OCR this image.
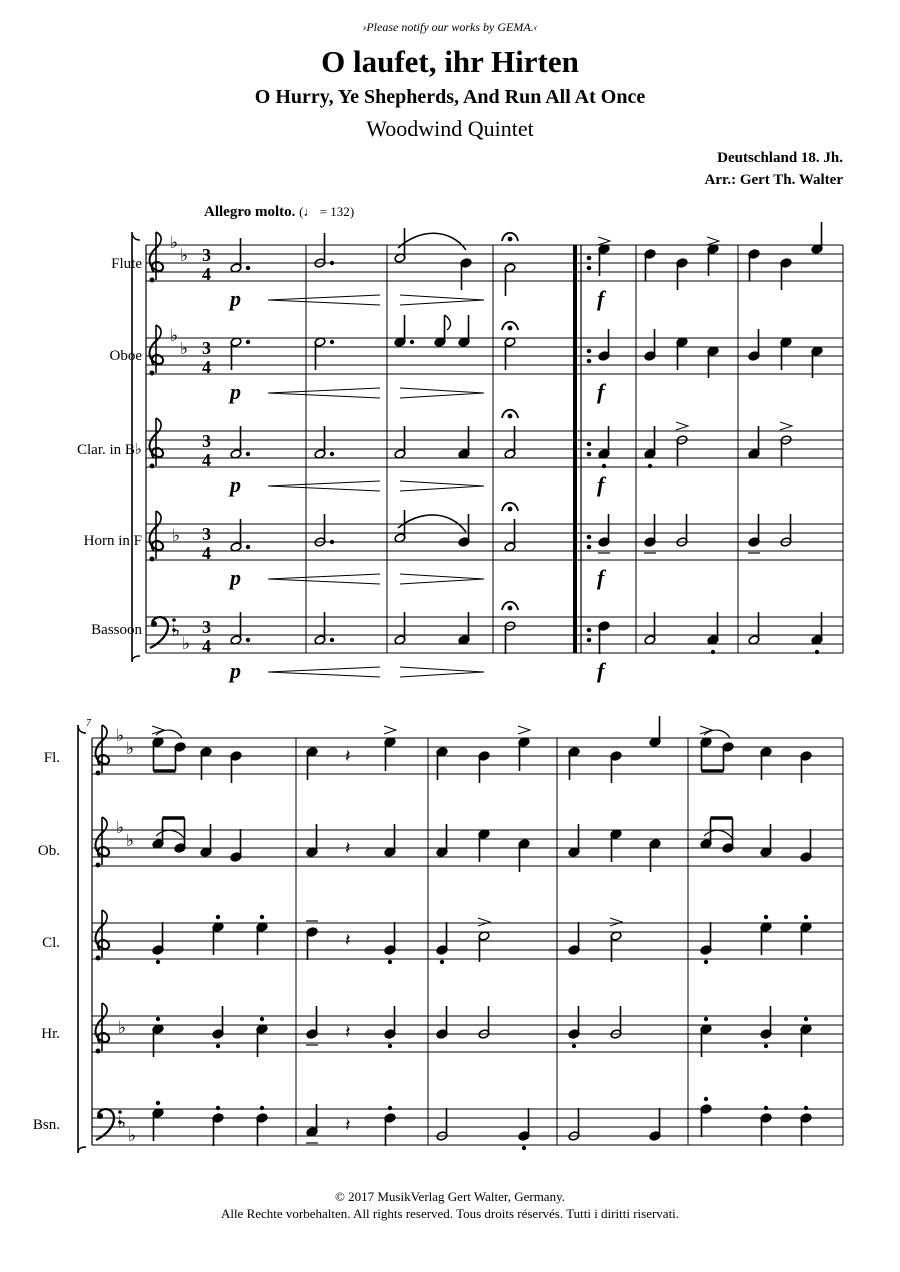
›Please notify our works by GEMA.‹
O laufet, ihr Hirten
O Hurry, Ye Shepherds, And Run All At Once
Woodwind Quintet
Deutschland 18. Jh.
Arr.: Gert Th. Walter
Allegro molto. (♩ = 132)
Flute
Oboe
Clar. in B♭
Horn in F
Bassoon
Fl.
Ob.
Cl.
Hr.
Bsn.
7
♭
♭
♭
♭
♭
♭
♭
3
4
3
4
3
4
3
4
3
4
p
p
p
p
p
f
f
f
f
f
♭
♭
♭
♭
♭
♭
♭
𝄽
𝄽
𝄽
𝄽
𝄽
© 2017 MusikVerlag Gert Walter, Germany.
Alle Rechte vorbehalten. All rights reserved. Tous droits réservés. Tutti i diritti riservati.
